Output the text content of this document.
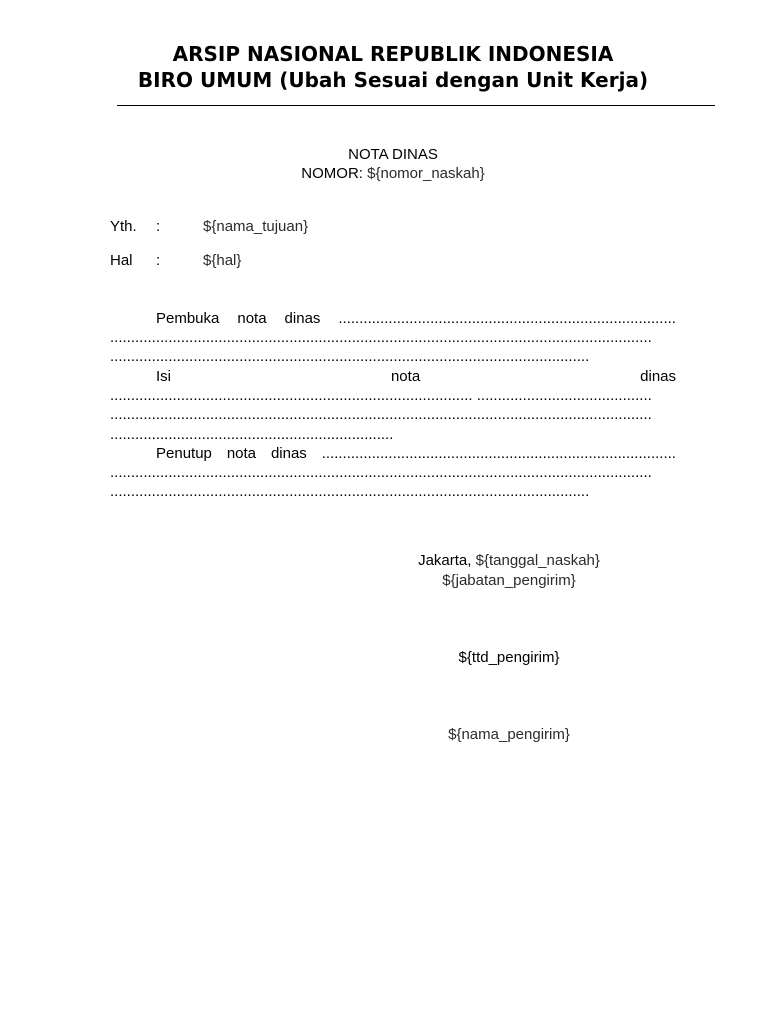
ARSIP NASIONAL REPUBLIK INDONESIA
BIRO UMUM (Ubah Sesuai dengan Unit Kerja)
NOTA DINAS
NOMOR: ${nomor_naskah}
Yth. :	${nama_tujuan}
Hal :	${hal}
Pembuka nota dinas .................................................................................
..................................................................................................................................
...................................................................................................................
Isi	nota	dinas
....................................................................................... ..........................................
..................................................................................................................................
....................................................................
Penutup nota dinas .....................................................................................
..................................................................................................................................
...................................................................................................................
Jakarta, ${tanggal_naskah}
${jabatan_pengirim}
${ttd_pengirim}
${nama_pengirim}
